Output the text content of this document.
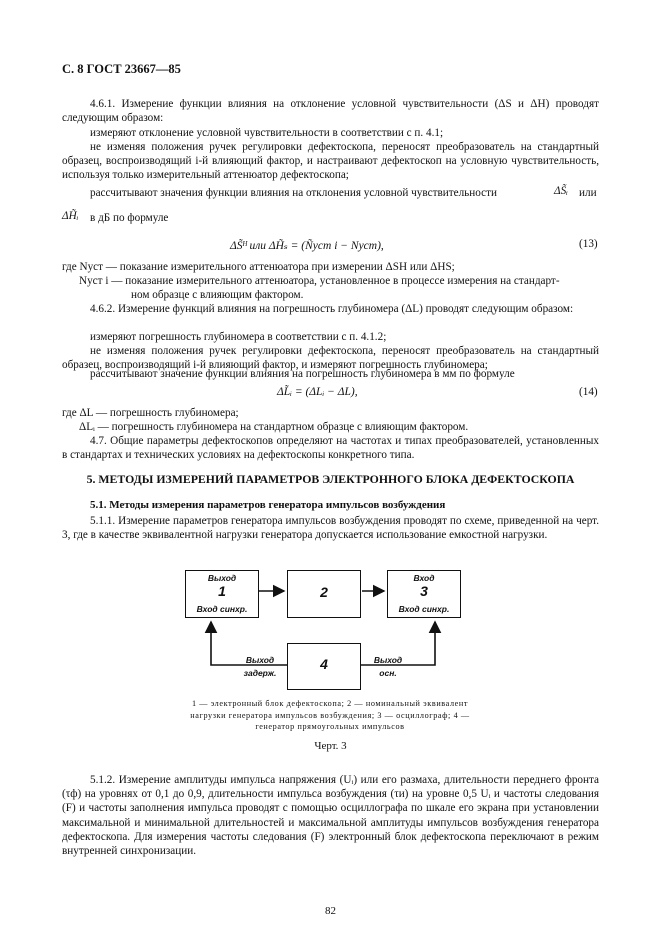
С. 8 ГОСТ 23667—85
4.6.1. Измерение функции влияния на отклонение условной чувствительности (ΔS и ΔH) проводят следующим образом:
измеряют отклонение условной чувствительности в соответствии с п. 4.1;
не изменяя положения ручек регулировки дефектоскопа, переносят преобразователь на стандартный образец, воспроизводящий i-й влияющий фактор, и настраивают дефектоскоп на условную чувствительность, используя только измерительный аттенюатор дефектоскопа;
рассчитывают значения функции влияния на отклонения условной чувствительности	ΔS̃ᵢ или
ΔH̃ᵢ в дБ по формуле
ΔS̃ᴴ или ΔH̃ₛ = (Ñуст i − Nуст),	(13)
где Nуст — показание измерительного аттенюатора при измерении ΔSH или ΔHS;
Nуст i — показание измерительного аттенюатора, установленное в процессе измерения на стандарт-
ном образце с влияющим фактором.
4.6.2. Измерение функций влияния на погрешность глубиномера (ΔL) проводят следующим образом:
измеряют погрешность глубиномера в соответствии с п. 4.1.2;
не изменяя положения ручек регулировки дефектоскопа, переносят преобразователь на стандартный образец, воспроизводящий i-й влияющий фактор, и измеряют погрешность глубиномера;
рассчитывают значение функции влияния на погрешность глубиномера в мм по формуле
ΔL̃ᵢ = (ΔLᵢ − ΔL),	(14)
где ΔL — погрешность глубиномера;
ΔLᵢ — погрешность глубиномера на стандартном образце с влияющим фактором.
4.7. Общие параметры дефектоскопов определяют на частотах и типах преобразователей, установленных в стандартах и технических условиях на дефектоскопы конкретного типа.
5. МЕТОДЫ ИЗМЕРЕНИЙ ПАРАМЕТРОВ ЭЛЕКТРОННОГО БЛОКА ДЕФЕКТОСКОПА
5.1. Методы измерения параметров генератора импульсов возбуждения
5.1.1. Измерение параметров генератора импульсов возбуждения проводят по схеме, приведенной на черт. 3, где в качестве эквивалентной нагрузки генератора допускается использование емкостной нагрузки.
Выход
1
Вход синхр.
2
Вход
3
Вход синхр.
4
Выход
задерж.
Выход
осн.
1 — электронный блок дефектоскопа; 2 — номинальный эквивалент нагрузки генератора импульсов возбуждения; 3 — осциллограф; 4 — генератор прямоугольных импульсов
Черт. 3
5.1.2. Измерение амплитуды импульса напряжения (Uᵢ) или его размаха, длительности переднего фронта (τф) на уровнях от 0,1 до 0,9, длительности импульса возбуждения (τи) на уровне 0,5 Uᵢ и частоты следования (F) и частоты заполнения импульса проводят с помощью осциллографа по шкале его экрана при установлении максимальной и минимальной длительностей и максимальной амплитуды импульсов возбуждения генератора дефектоскопа. Для измерения частоты следования (F) электронный блок дефектоскопа переключают в режим внутренней синхронизации.
82
